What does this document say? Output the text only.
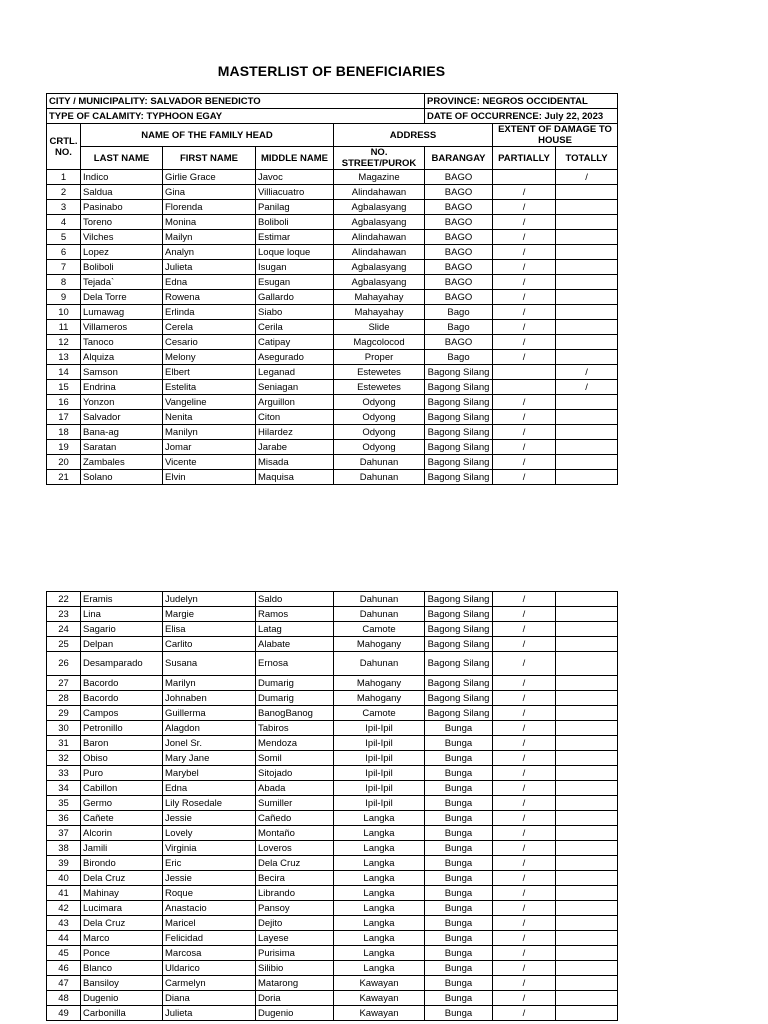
MASTERLIST OF BENEFICIARIES
CITY / MUNICIPALITY: SALVADOR BENEDICTO					PROVINCE: NEGROS OCCIDENTAL		
TYPE OF CALAMITY: TYPHOON EGAY					DATE OF OCCURRENCE: July 22, 2023		
CRTL. NO.	NAME OF THE FAMILY HEAD			ADDRESS		EXTENT OF DAMAGE TO HOUSE	
	LAST NAME	FIRST NAME	MIDDLE NAME	NO. STREET/PUROK	BARANGAY	PARTIALLY	TOTALLY
1	Indico	Girlie Grace	Javoc	Magazine	BAGO		/
2	Saldua	Gina	Villiacuatro	Alindahawan	BAGO	/	
3	Pasinabo	Florenda	Panilag	Agbalasyang	BAGO	/	
4	Toreno	Monina	Boliboli	Agbalasyang	BAGO	/	
5	Vilches	Mailyn	Estimar	Alindahawan	BAGO	/	
6	Lopez	Analyn	Loque loque	Alindahawan	BAGO	/	
7	Boliboli	Julieta	Isugan	Agbalasyang	BAGO	/	
8	Tejada`	Edna	Esugan	Agbalasyang	BAGO	/	
9	Dela Torre	Rowena	Gallardo	Mahayahay	BAGO	/	
10	Lumawag	Erlinda	Siabo	Mahayahay	Bago	/	
11	Villameros	Cerela	Cerila	Slide	Bago	/	
12	Tanoco	Cesario	Catipay	Magcolocod	BAGO	/	
13	Alquiza	Melony	Asegurado	Proper	Bago	/	
14	Samson	Elbert	Leganad	Estewetes	Bagong Silang		/
15	Endrina	Estelita	Seniagan	Estewetes	Bagong Silang		/
16	Yonzon	Vangeline	Arguillon	Odyong	Bagong Silang	/	
17	Salvador	Nenita	Citon	Odyong	Bagong Silang	/	
18	Bana-ag	Manilyn	Hilardez	Odyong	Bagong Silang	/	
19	Saratan	Jomar	Jarabe	Odyong	Bagong Silang	/	
20	Zambales	Vicente	Misada	Dahunan	Bagong Silang	/	
21	Solano	Elvin	Maquisa	Dahunan	Bagong Silang	/	
22	Eramis	Judelyn	Saldo	Dahunan	Bagong Silang	/	
23	Lina	Margie	Ramos	Dahunan	Bagong Silang	/	
24	Sagario	Elisa	Latag	Camote	Bagong Silang	/	
25	Delpan	Carlito	Alabate	Mahogany	Bagong Silang	/	
26	Desamparado	Susana	Ernosa	Dahunan	Bagong Silang	/	
27	Bacordo	Marilyn	Dumarig	Mahogany	Bagong Silang	/	
28	Bacordo	Johnaben	Dumarig	Mahogany	Bagong Silang	/	
29	Campos	Guillerma	BanogBanog	Camote	Bagong Silang	/	
30	Petronillo	Alagdon	Tabiros	Ipil-Ipil	Bunga	/	
31	Baron	Jonel Sr.	Mendoza	Ipil-Ipil	Bunga	/	
32	Obiso	Mary Jane	Somil	Ipil-Ipil	Bunga	/	
33	Puro	Marybel	Sitojado	Ipil-Ipil	Bunga	/	
34	Cabillon	Edna	Abada	Ipil-Ipil	Bunga	/	
35	Germo	Lily Rosedale	Sumiller	Ipil-Ipil	Bunga	/	
36	Cañete	Jessie	Cañedo	Langka	Bunga	/	
37	Alcorin	Lovely	Montaño	Langka	Bunga	/	
38	Jamili	Virginia	Loveros	Langka	Bunga	/	
39	Birondo	Eric	Dela Cruz	Langka	Bunga	/	
40	Dela Cruz	Jessie	Becira	Langka	Bunga	/	
41	Mahinay	Roque	Librando	Langka	Bunga	/	
42	Lucimara	Anastacio	Pansoy	Langka	Bunga	/	
43	Dela Cruz	Maricel	Dejito	Langka	Bunga	/	
44	Marco	Felicidad	Layese	Langka	Bunga	/	
45	Ponce	Marcosa	Purisima	Langka	Bunga	/	
46	Blanco	Uldarico	Silibio	Langka	Bunga	/	
47	Bansiloy	Carmelyn	Matarong	Kawayan	Bunga	/	
48	Dugenio	Diana	Doria	Kawayan	Bunga	/	
49	Carbonilla	Julieta	Dugenio	Kawayan	Bunga	/	
